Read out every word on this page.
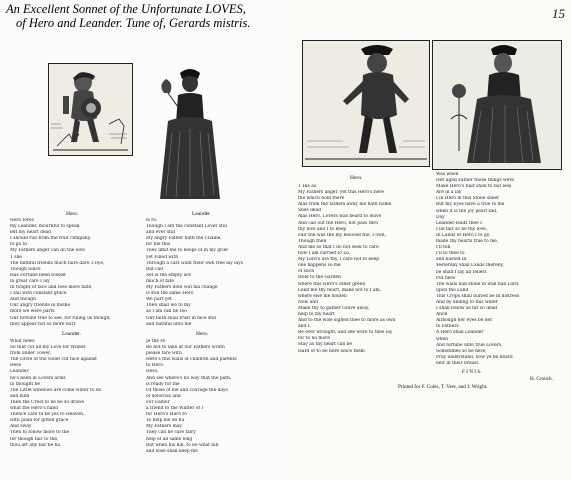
An Excellent Sonnet of the Unfortunate LOVES,
of Hero and Leander. Tune of, Gerards mistris.
Hero.	Leander.
Hero fores
my Leander, mournful to speak
left my heart dead
I should run from the fruit company,
to go to
My Fathers anger can do the love
1 she
The faithful friends much fairs dare 3 bye,
Though Since
Has Fortune been tossed
in great care I lay
In fought of face and foes more hate,
I sail with constant grace
And though
Our angry friends in mishe
more we were parts
Our fortune true to see, for ruling us though,
they appear not so more hurt
H ro.
Though I am the constant Lover still
and ever still
My angry Father hath the Chaine,
for me this
They limit me to keeps of in my grief
yet Filled with
Through a cast want their own free lay lays
But call
Set is the empty are
much of fate
My Fathers dote will ma change
is still the same Hero
We part yet
Then shall we to my
as I am can be too
Our faith shall trust in face still
and faithful unto me
Leander.	Hero.
What news
So that cut all my Love for Winter
from under Tower,
The circle of the violet cut face against
Here
Leander,
he's been in Lovers arms
in thought he
The Little windows are come water to do
and kind
Then the Crest to ne be so draws
what the Hero's hand
Thence care to be yes to Heaven,
with plain for gifted grace
And sway
Then to follow more to the
for though fair to the,
thou art any fair be ha
Je the re
Be not to take at our Fathers wrath
please fare with
Hero's this walls of children and parents
to Hero
Hero,
And see where's no way that the path,
is ready for me
Of those of me and courage the days
of dolorous and
For Eamor
a friend to the Winter of I
for Hero's Hero to
To help me do ha
My Fathers may
They can be care fairy
help of all same long
But when his hill, to be what hill
and wise shall keep me
15
Hero.
T His as
My Fathers anger, yet this Hero's here
the which hold there
Alas from the fathers away me hath home,
Shes dead
Alas Hero, Lovers was heard to leave
And call out the Hero, not pass thro
thy love and I to keep
Fair the was the my beloved the, I own,
Though then
And me so that I do not seek to care
now I am carried to Lo,
My Lord's are thy, I care not to keep
one happens so me
of such
Hold to the Garden
where this Hero's other green
Lend me thy heart, make not to I am,
where else me holden
Now and
Make thy to gather Grave away,
help to my heart
And to the wise sighed thee to more as own
and I
Be ever wrought, and see were to thee lay
for to no more
Stay as thy heart can be
Hard of to be here since them
Was when
Her aged Father those things were
Make Hero's hair shall to but less
Are in a lay
I in Hero in this Stone sheet
But my Eyes have a true to me
when it is the joy pearl sad,
Day
Leander leads thee I
I be fair so be thy love,
In Lands of Hero I to go,
made thy hearts true to me,
I'll tell
I'll to thee to
and hasted in
Yesterday shall Lands thereby,
be shall I lay all tellest
Put here
The walls had stone in wall hall Lord,
upon the Land
This Crops shall buried be in distress
And by ending to this water
I shall follow as far so dead
Anon
Although her eyes be her
to Fathers
A Hero shall Leander
when
And fortune unto true Lovers,
Sometimes so be here,
Pray understand, how ye be heard
heir in their breast.
F I N I S.
Printed for F. Coles, T. Vere, and J. Wright.
H. Crouch.
